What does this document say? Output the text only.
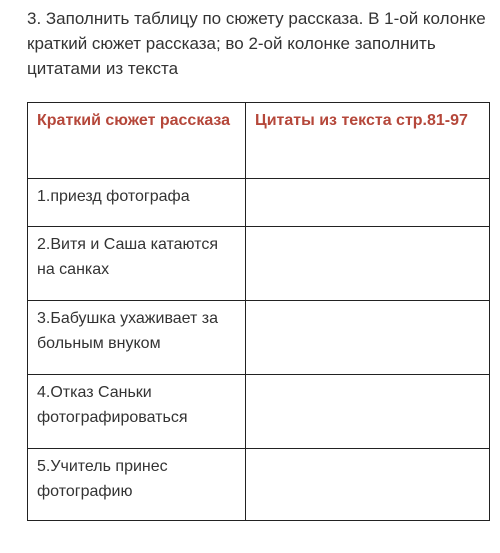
3. Заполнить таблицу по сюжету рассказа. В 1-ой колонке краткий сюжет рассказа; во 2-ой колонке заполнить цитатами из текста
Краткий сюжет рассказа	Цитаты из текста стр.81-97
1.приезд фотографа	
2.Витя и Саша катаются на санках	
3.Бабушка ухаживает за больным внуком	
4.Отказ Саньки фотографироваться	
5.Учитель принес фотографию	
